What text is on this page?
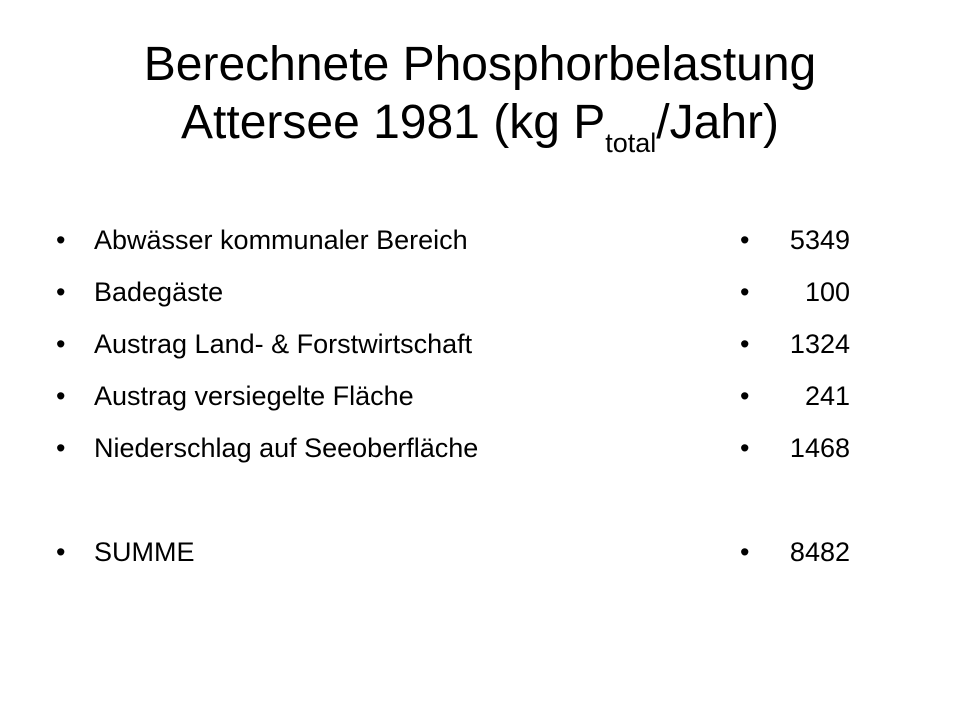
Berechnete Phosphorbelastung
Attersee 1981 (kg $P_{total}/Jahr$)
• Abwässer kommunaler Bereich
• Badegäste
• Austrag Land- & Forstwirtschaft
• Austrag versiegelte Fläche
• Niederschlag auf Seeoberfläche
• SUMME
• 5349
• 100
• 1324
• 241
• 1468
• 8482
